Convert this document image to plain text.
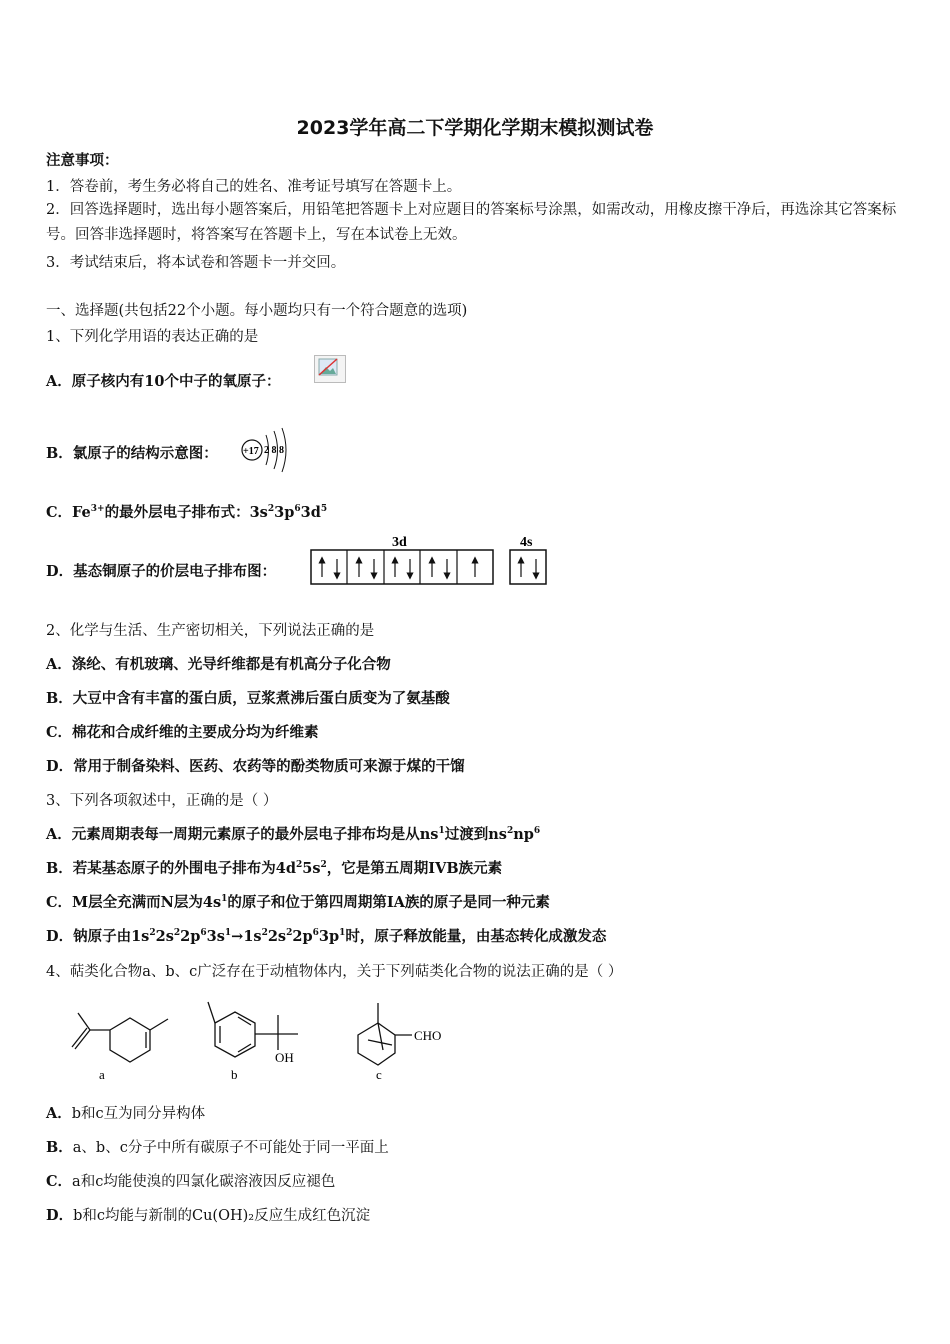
2023学年高二下学期化学期末模拟测试卷
注意事项：
1．答卷前，考生务必将自己的姓名、准考证号填写在答题卡上。
2．回答选择题时，选出每小题答案后，用铅笔把答题卡上对应题目的答案标号涂黑，如需改动，用橡皮擦干净后，再选涂其它答案标号。回答非选择题时，将答案写在答题卡上，写在本试卷上无效。
3．考试结束后，将本试卷和答题卡一并交回。
一、选择题(共包括22个小题。每小题均只有一个符合题意的选项)
1、下列化学用语的表达正确的是
A．原子核内有10个中子的氧原子：
B．氯原子的结构示意图：	+17 2 8 8
C．$Fe^{3+}$的最外层电子排布式：$3s^23p^63d^5$
D．基态铜原子的价层电子排布图：
3d	4s
2、化学与生活、生产密切相关，下列说法正确的是
A．涤纶、有机玻璃、光导纤维都是有机高分子化合物
B．大豆中含有丰富的蛋白质，豆浆煮沸后蛋白质变为了氨基酸
C．棉花和合成纤维的主要成分均为纤维素
D．常用于制备染料、医药、农药等的酚类物质可来源于煤的干馏
3、下列各项叙述中，正确的是（ ）
A．元素周期表每一周期元素原子的最外层电子排布均是从$ns^1$过渡到$ns^2np^6$
B．若某基态原子的外围电子排布为$4d^25s^2$，它是第五周期IVB族元素
C．M层全充满而N层为$4s^1$的原子和位于第四周期第ⅠA族的原子是同一种元素
D．钠原子由$1s^22s^22p^63s^1\to 1s^22s^22p^63p^1$时，原子释放能量，由基态转化成激发态
4、萜类化合物a、b、c广泛存在于动植物体内，关于下列萜类化合物的说法正确的是（ ）
OH
CHO
a	b	c
A．b和c互为同分异构体
B．a、b、c分子中所有碳原子不可能处于同一平面上
C．a和c均能使溴的四氯化碳溶液因反应褪色
D．b和c均能与新制的Cu(OH)₂反应生成红色沉淀
